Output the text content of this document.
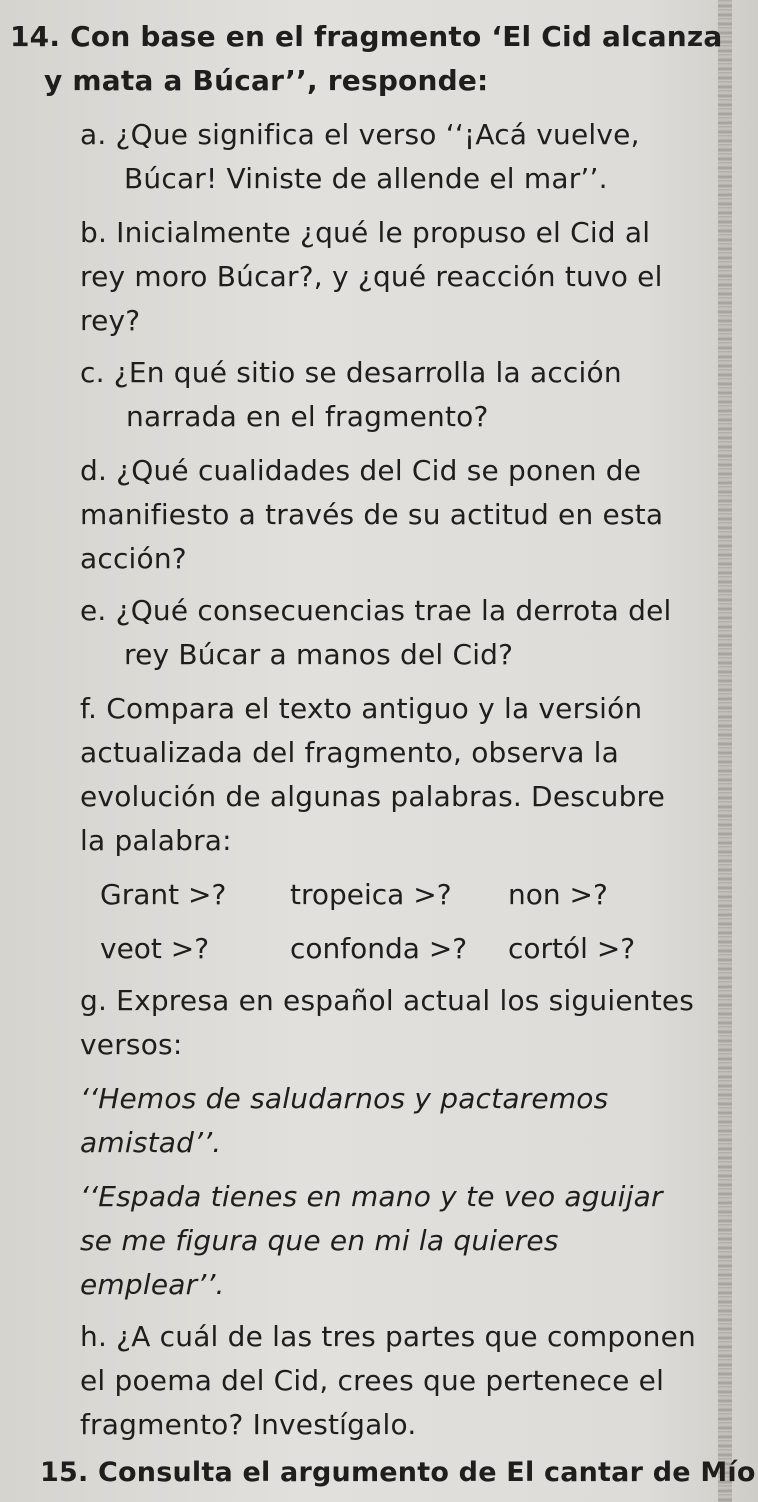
14. Con base en el fragmento ‘El Cid alcanza
y mata a Búcar’’, responde:
a. ¿Que significa el verso ‘‘¡Acá vuelve,
Búcar! Viniste de allende el mar’’.
b. Inicialmente ¿qué le propuso el Cid al
rey moro Búcar?, y ¿qué reacción tuvo el
rey?
c. ¿En qué sitio se desarrolla la acción
narrada en el fragmento?
d. ¿Qué cualidades del Cid se ponen de
manifiesto a través de su actitud en esta
acción?
e. ¿Qué consecuencias trae la derrota del
rey Búcar a manos del Cid?
f. Compara el texto antiguo y la versión
actualizada del fragmento, observa la
evolución de algunas palabras. Descubre
la palabra:
Grant >? tropeica >? non >?
veot >?	confonda >? cortól >?
g. Expresa en español actual los siguientes
versos:
‘‘Hemos de saludarnos y pactaremos
amistad’’.
‘‘Espada tienes en mano y te veo aguijar
se me figura que en mi la quieres
emplear’’.
h. ¿A cuál de las tres partes que componen
el poema del Cid, crees que pertenece el
fragmento? Investígalo.
15. Consulta el argumento de El cantar de Mío
